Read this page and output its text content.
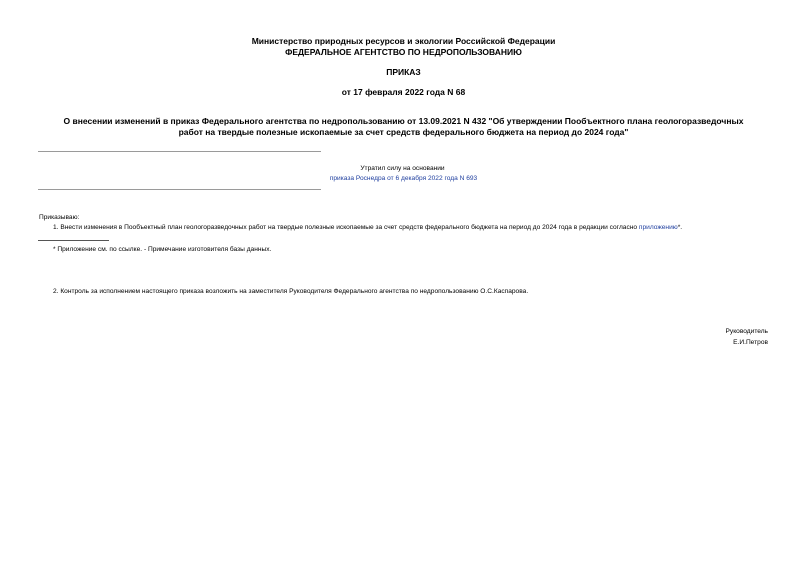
Министерство природных ресурсов и экологии Российской Федерации
ФЕДЕРАЛЬНОЕ АГЕНТСТВО ПО НЕДРОПОЛЬЗОВАНИЮ
ПРИКАЗ
от 17 февраля 2022 года N 68
О внесении изменений в приказ Федерального агентства по недропользованию от 13.09.2021 N 432 "Об утверждении Пообъектного плана геологоразведочных
работ на твердые полезные ископаемые за счет средств федерального бюджета на период до 2024 года"
Утратил силу на основании
приказа Роснедра от 6 декабря 2022 года N 693
Приказываю:
1. Внести изменения в Пообъектный план геологоразведочных работ на твердые полезные ископаемые за счет средств федерального бюджета на период до 2024 года в редакции согласно приложению*.
* Приложение см. по ссылке. - Примечание изготовителя базы данных.
2. Контроль за исполнением настоящего приказа возложить на заместителя Руководителя Федерального агентства по недропользованию О.С.Каспарова.
Руководитель
Е.И.Петров
